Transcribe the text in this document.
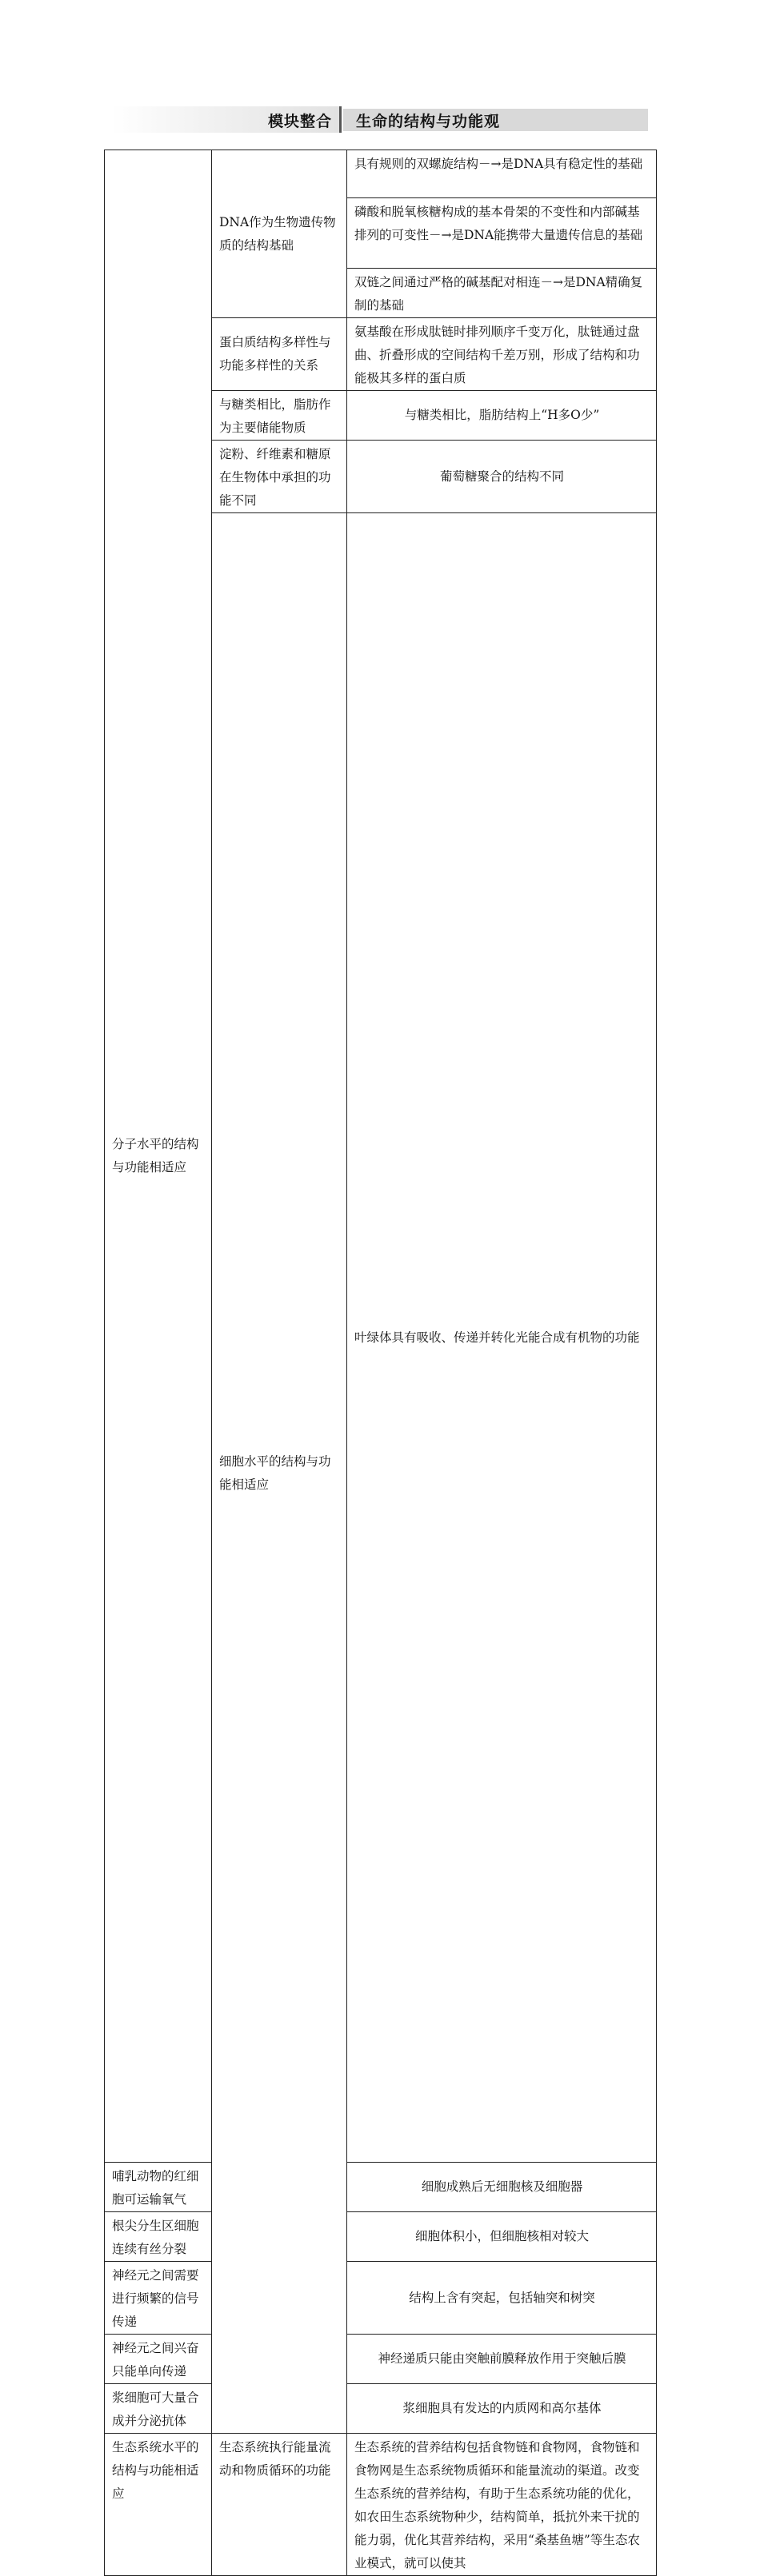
模块整合 生命的结构与功能观
分子水平的结构与功能相适应	DNA作为生物遗传物质的结构基础	具有规则的双螺旋结构－→是DNA具有稳定性的基础	
		磷酸和脱氧核糖构成的基本骨架的不变性和内部碱基排列的可变性－→是DNA能携带大量遗传信息的基础	
		双链之间通过严格的碱基配对相连－→是DNA精确复制的基础	
	蛋白质结构多样性与功能多样性的关系	氨基酸在形成肽链时排列顺序千变万化，肽链通过盘曲、折叠形成的空间结构千差万别，形成了结构和功能极其多样的蛋白质	
	与糖类相比，脂肪作为主要储能物质	与糖类相比，脂肪结构上“H多O少”	
	淀粉、纤维素和糖原在生物体中承担的功能不同	葡萄糖聚合的结构不同	
	细胞水平的结构与功能相适应	叶绿体具有吸收、传递并转化光能合成有机物的功能	
哺乳动物的红细胞可运输氧气		细胞成熟后无细胞核及细胞器	
根尖分生区细胞连续有丝分裂		细胞体积小，但细胞核相对较大	
神经元之间需要进行频繁的信号传递		结构上含有突起，包括轴突和树突	
神经元之间兴奋只能单向传递		神经递质只能由突触前膜释放作用于突触后膜	
浆细胞可大量合成并分泌抗体		浆细胞具有发达的内质网和高尔基体	
生态系统水平的结构与功能相适应	生态系统执行能量流动和物质循环的功能	生态系统的营养结构包括食物链和食物网，食物链和食物网是生态系统物质循环和能量流动的渠道。改变生态系统的营养结构，有助于生态系统功能的优化，如农田生态系统物种少，结构简单，抵抗外来干扰的能力弱，优化其营养结构，采用“桑基鱼塘”等生态农业模式，就可以使其	
